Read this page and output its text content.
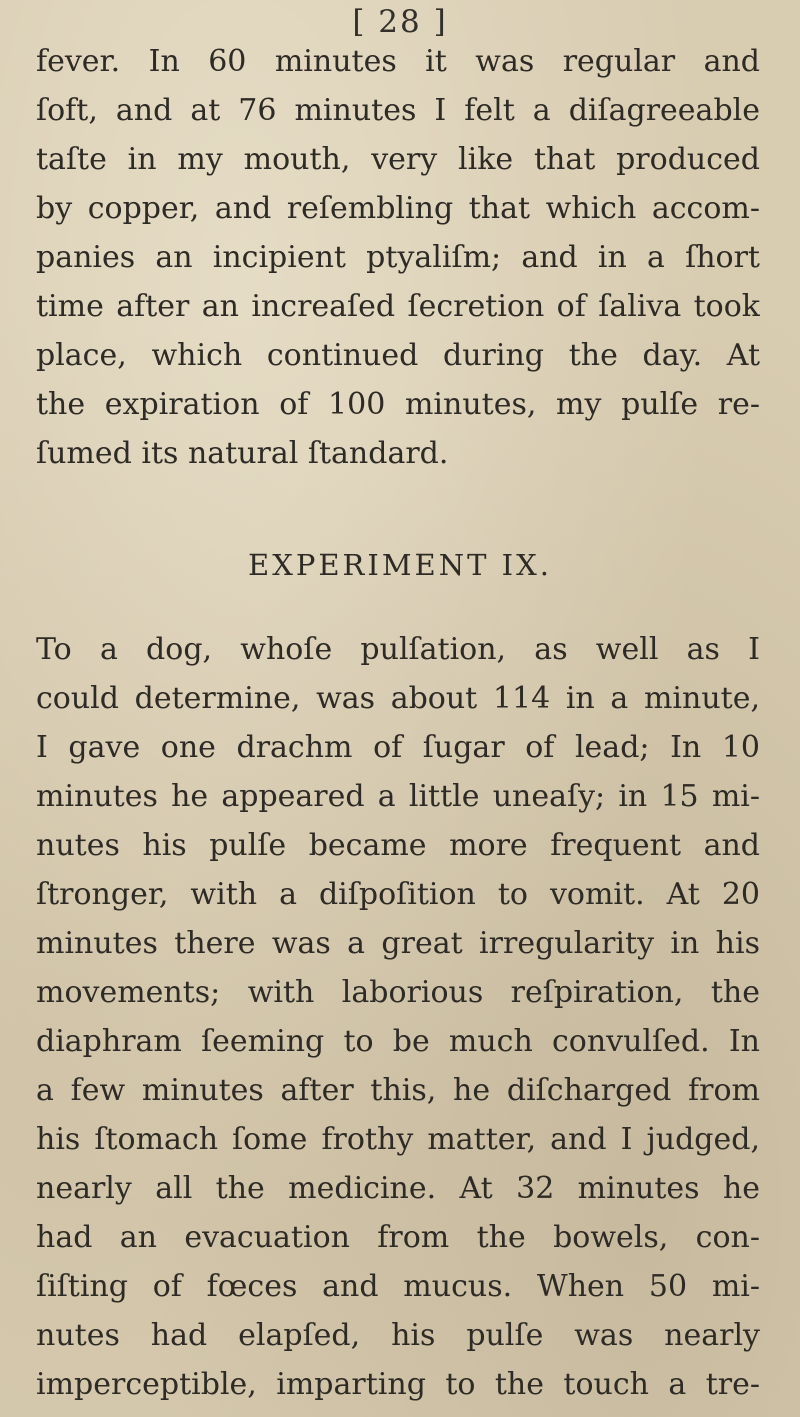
[ 28 ]
fever. In 60 minutes it was regular and
ſoft, and at 76 minutes I felt a diſagreeable
taſte in my mouth, very like that produced
by copper, and reſembling that which accom-
panies an incipient ptyaliſm; and in a ſhort
time after an increaſed ſecretion of ſaliva took
place, which continued during the day. At
the expiration of 100 minutes, my pulſe re-
ſumed its natural ſtandard.
EXPERIMENT IX.
To a dog, whoſe pulſation, as well as I
could determine, was about 114 in a minute,
I gave one drachm of ſugar of lead; In 10
minutes he appeared a little uneaſy; in 15 mi-
nutes his pulſe became more frequent and
ſtronger, with a diſpoſition to vomit. At 20
minutes there was a great irregularity in his
movements; with laborious reſpiration, the
diaphram ſeeming to be much convulſed. In
a few minutes after this, he diſcharged from
his ſtomach ſome frothy matter, and I judged,
nearly all the medicine. At 32 minutes he
had an evacuation from the bowels, con-
ſiſting of fœces and mucus. When 50 mi-
nutes had elapſed, his pulſe was nearly
imperceptible, imparting to the touch a tre-
